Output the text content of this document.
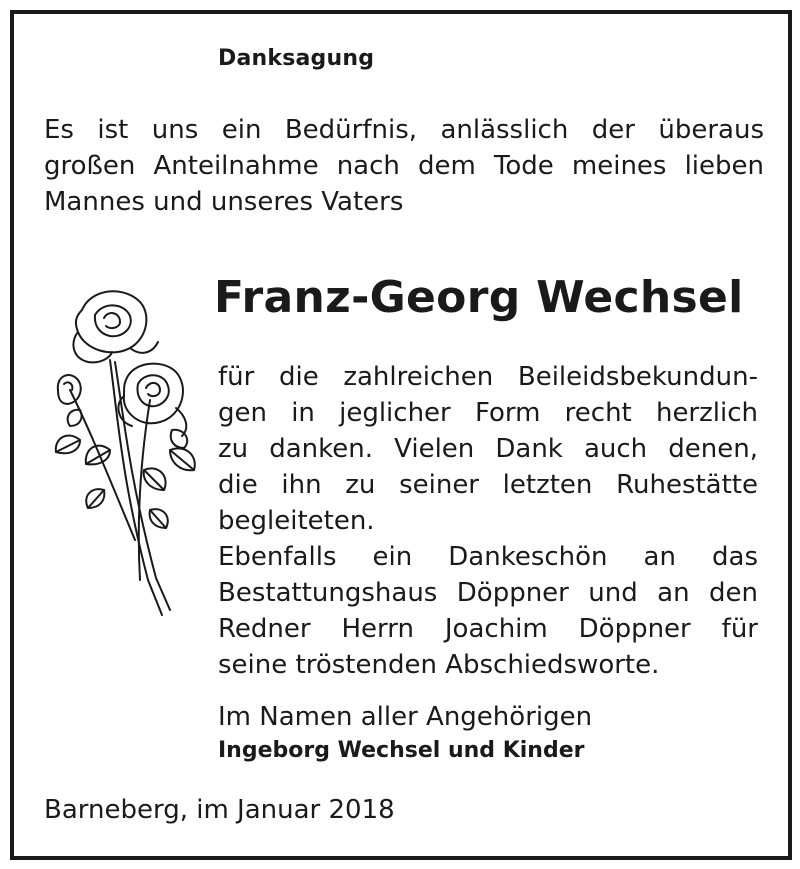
Danksagung

Es ist uns ein Bedürfnis, anlässlich der überaus
großen Anteilnahme nach dem Tode meines lieben
Mannes und unseres Vaters

Franz-Georg Wechsel

für die zahlreichen Beileidsbekundun-
gen in jeglicher Form recht herzlich
zu danken. Vielen Dank auch denen,
die ihn zu seiner letzten Ruhestätte
begleiteten.
Ebenfalls ein Dankeschön an das
Bestattungshaus Döppner und an den
Redner Herrn Joachim Döppner für
seine tröstenden Abschiedsworte.

Im Namen aller Angehörigen
Ingeborg Wechsel und Kinder
Barneberg, im Januar 2018
